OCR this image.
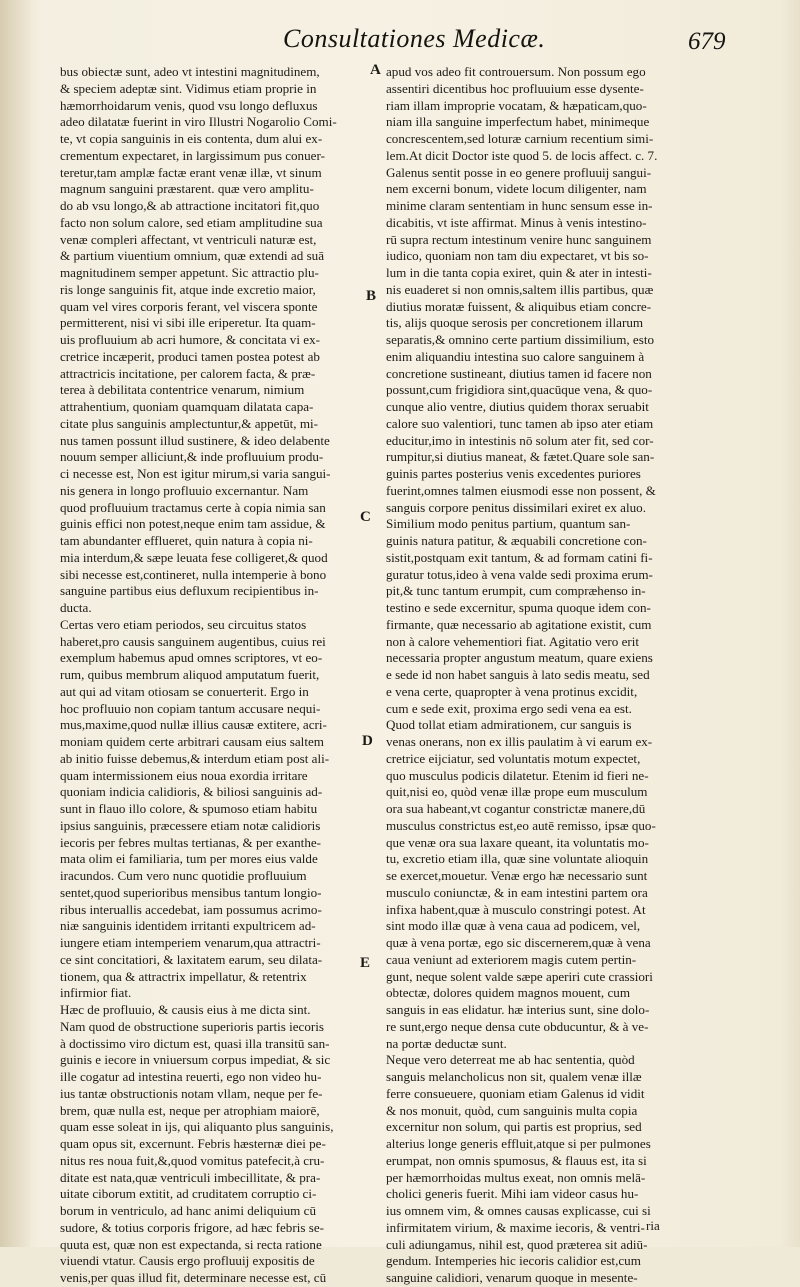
Consultationes Medicæ.	679
bus obiectæ sunt, adeo vt intestini magnitudinem,
& speciem adeptæ sint. Vidimus etiam proprie in
hæmorrhoidarum venis, quod vsu longo defluxus
adeo dilatatæ fuerint in viro Illustri Nogarolio Comi-
te, vt copia sanguinis in eis contenta, dum alui ex-
crementum expectaret, in largissimum pus conuer-
teretur,tam amplæ factæ erant venæ illæ, vt sinum
magnum sanguini præstarent. quæ vero amplitu-
do ab vsu longo,& ab attractione incitatori fit,quo
facto non solum calore, sed etiam amplitudine sua
venæ compleri affectant, vt ventriculi naturæ est,
& partium viuentium omnium, quæ extendi ad suā
magnitudinem semper appetunt. Sic attractio plu-
ris longe sanguinis fit, atque inde excretio maior,
quam vel vires corporis ferant, vel viscera sponte
permitterent, nisi vi sibi ille eriperetur. Ita quam-
uis profluuium ab acri humore, & concitata vi ex-
cretrice incæperit, produci tamen postea potest ab
attractricis incitatione, per calorem facta, & præ-
terea à debilitata contentrice venarum, nimium
attrahentium, quoniam quamquam dilatata capa-
citate plus sanguinis amplectuntur,& appetūt, mi-
nus tamen possunt illud sustinere, & ideo delabente
nouum semper alliciunt,& inde profluuium produ-
ci necesse est, Non est igitur mirum,si varia sangui-
nis genera in longo profluuio excernantur. Nam
quod profluuium tractamus certe à copia nimia san
guinis effici non potest,neque enim tam assidue, &
tam abundanter efflueret, quin natura à copia ni-
mia interdum,& sæpe leuata fese colligeret,& quod
sibi necesse est,contineret, nulla intemperie à bono
sanguine partibus eius defluxum recipientibus in-
ducta.
Certas vero etiam periodos, seu circuitus statos
haberet,pro causis sanguinem augentibus, cuius rei
exemplum habemus apud omnes scriptores, vt eo-
rum, quibus membrum aliquod amputatum fuerit,
aut qui ad vitam otiosam se conuerterit. Ergo in
hoc profluuio non copiam tantum accusare nequi-
mus,maxime,quod nullæ illius causæ extitere, acri-
moniam quidem certe arbitrari causam eius saltem
ab initio fuisse debemus,& interdum etiam post ali-
quam intermissionem eius noua exordia irritare
quoniam indicia calidioris, & biliosi sanguinis ad-
sunt in flauo illo colore, & spumoso etiam habitu
ipsius sanguinis, præcessere etiam notæ calidioris
iecoris per febres multas tertianas, & per exanthe-
mata olim ei familiaria, tum per mores eius valde
iracundos. Cum vero nunc quotidie profluuium
sentet,quod superioribus mensibus tantum longio-
ribus interuallis accedebat, iam possumus acrimo-
niæ sanguinis identidem irritanti expultricem ad-
iungere etiam intemperiem venarum,qua attractri-
ce sint concitatiori, & laxitatem earum, seu dilata-
tionem, qua & attractrix impellatur, & retentrix
infirmior fiat.
Hæc de profluuio, & causis eius à me dicta sint.
Nam quod de obstructione superioris partis iecoris
à doctissimo viro dictum est, quasi illa transitū san-
guinis e iecore in vniuersum corpus impediat, & sic
ille cogatur ad intestina reuerti, ego non video hu-
ius tantæ obstructionis notam vllam, neque per fe-
brem, quæ nulla est, neque per atrophiam maiorē,
quam esse soleat in ijs, qui aliquanto plus sanguinis,
quam opus sit, excernunt. Febris hæsternæ diei pe-
nitus res noua fuit,&,quod vomitus patefecit,à cru-
ditate est nata,quæ ventriculi imbecillitate, & pra-
uitate ciborum extitit, ad cruditatem corruptio ci-
borum in ventriculo, ad hanc animi deliquium cū
sudore, & totius corporis frigore, ad hæc febris se-
quuta est, quæ non est expectanda, si recta ratione
viuendi vtatur. Causis ergo profluuij expositis de
venis,per quas illud fit, determinare necesse est, cū
apud vos adeo fit controuersum. Non possum ego
assentiri dicentibus hoc profluuium esse dysente-
riam illam improprie vocatam, & hæpaticam,quo-
niam illa sanguine imperfectum habet, minimeque
concrescentem,sed loturæ carnium recentium simi-
lem.At dicit Doctor iste quod 5. de locis affect. c. 7.
Galenus sentit posse in eo genere profluuij sangui-
nem excerni bonum, videte locum diligenter, nam
minime claram sententiam in hunc sensum esse in-
dicabitis, vt iste affirmat. Minus à venis intestino-
rū supra rectum intestinum venire hunc sanguinem
iudico, quoniam non tam diu expectaret, vt bis so-
lum in die tanta copia exiret, quin & ater in intesti-
nis euaderet si non omnis,saltem illis partibus, quæ
diutius moratæ fuissent, & aliquibus etiam concre-
tis, alijs quoque serosis per concretionem illarum
separatis,& omnino certe partium dissimilium, esto
enim aliquandiu intestina suo calore sanguinem à
concretione sustineant, diutius tamen id facere non
possunt,cum frigidiora sint,quacūque vena, & quo-
cunque alio ventre, diutius quidem thorax seruabit
calore suo valentiori, tunc tamen ab ipso ater etiam
educitur,imo in intestinis nō solum ater fit, sed cor-
rumpitur,si diutius maneat, & fætet.Quare sole san-
guinis partes posterius venis excedentes puriores
fuerint,omnes talmen eiusmodi esse non possent, &
sanguis corpore penitus dissimilari exiret ex aluo.
Similium modo penitus partium, quantum san-
guinis natura patitur, & æquabili concretione con-
sistit,postquam exit tantum, & ad formam catini fi-
guratur totus,ideo à vena valde sedi proxima erum-
pit,& tunc tantum erumpit, cum compræhenso in-
testino e sede excernitur, spuma quoque idem con-
firmante, quæ necessario ab agitatione existit, cum
non à calore vehementiori fiat. Agitatio vero erit
necessaria propter angustum meatum, quare exiens
e sede id non habet sanguis à lato sedis meatu, sed
e vena certe, quapropter à vena protinus excidit,
cum e sede exit, proxima ergo sedi vena ea est.
Quod tollat etiam admirationem, cur sanguis is
venas onerans, non ex illis paulatim à vi earum ex-
cretrice eijciatur, sed voluntatis motum expectet,
quo musculus podicis dilatetur. Etenim id fieri ne-
quit,nisi eo, quòd venæ illæ prope eum musculum
ora sua habeant,vt cogantur constrictæ manere,dū
musculus constrictus est,eo autē remisso, ipsæ quo-
que venæ ora sua laxare queant, ita voluntatis mo-
tu, excretio etiam illa, quæ sine voluntate alioquin
se exercet,mouetur. Venæ ergo hæ necessario sunt
musculo coniunctæ, & in eam intestini partem ora
infixa habent,quæ à musculo constringi potest. At
sint modo illæ quæ à vena caua ad podicem, vel,
quæ à vena portæ, ego sic discernerem,quæ à vena
caua veniunt ad exteriorem magis cutem pertin-
gunt, neque solent valde sæpe aperiri cute crassiori
obtectæ, dolores quidem magnos mouent, cum
sanguis in eas elidatur. hæ interius sunt, sine dolo-
re sunt,ergo neque densa cute obducuntur, & à ve-
na portæ deductæ sunt.
Neque vero deterreat me ab hac sententia, quòd
sanguis melancholicus non sit, qualem venæ illæ
ferre consueuere, quoniam etiam Galenus id vidit
& nos monuit, quòd, cum sanguinis multa copia
excernitur non solum, qui partis est proprius, sed
alterius longe generis effluit,atque si per pulmones
erumpat, non omnis spumosus, & flauus est, ita si
per hæmorrhoidas multus exeat, non omnis melā-
cholici generis fuerit. Mihi iam videor casus hu-
ius omnem vim, & omnes causas explicasse, cui si
infirmitatem virium, & maxime iecoris, & ventri-
culi adiungamus, nihil est, quod præterea sit adiū-
gendum. Intemperies hic iecoris calidior est,cum
sanguine calidiori, venarum quoque in mesente-
A
B
C
D
E
ria
